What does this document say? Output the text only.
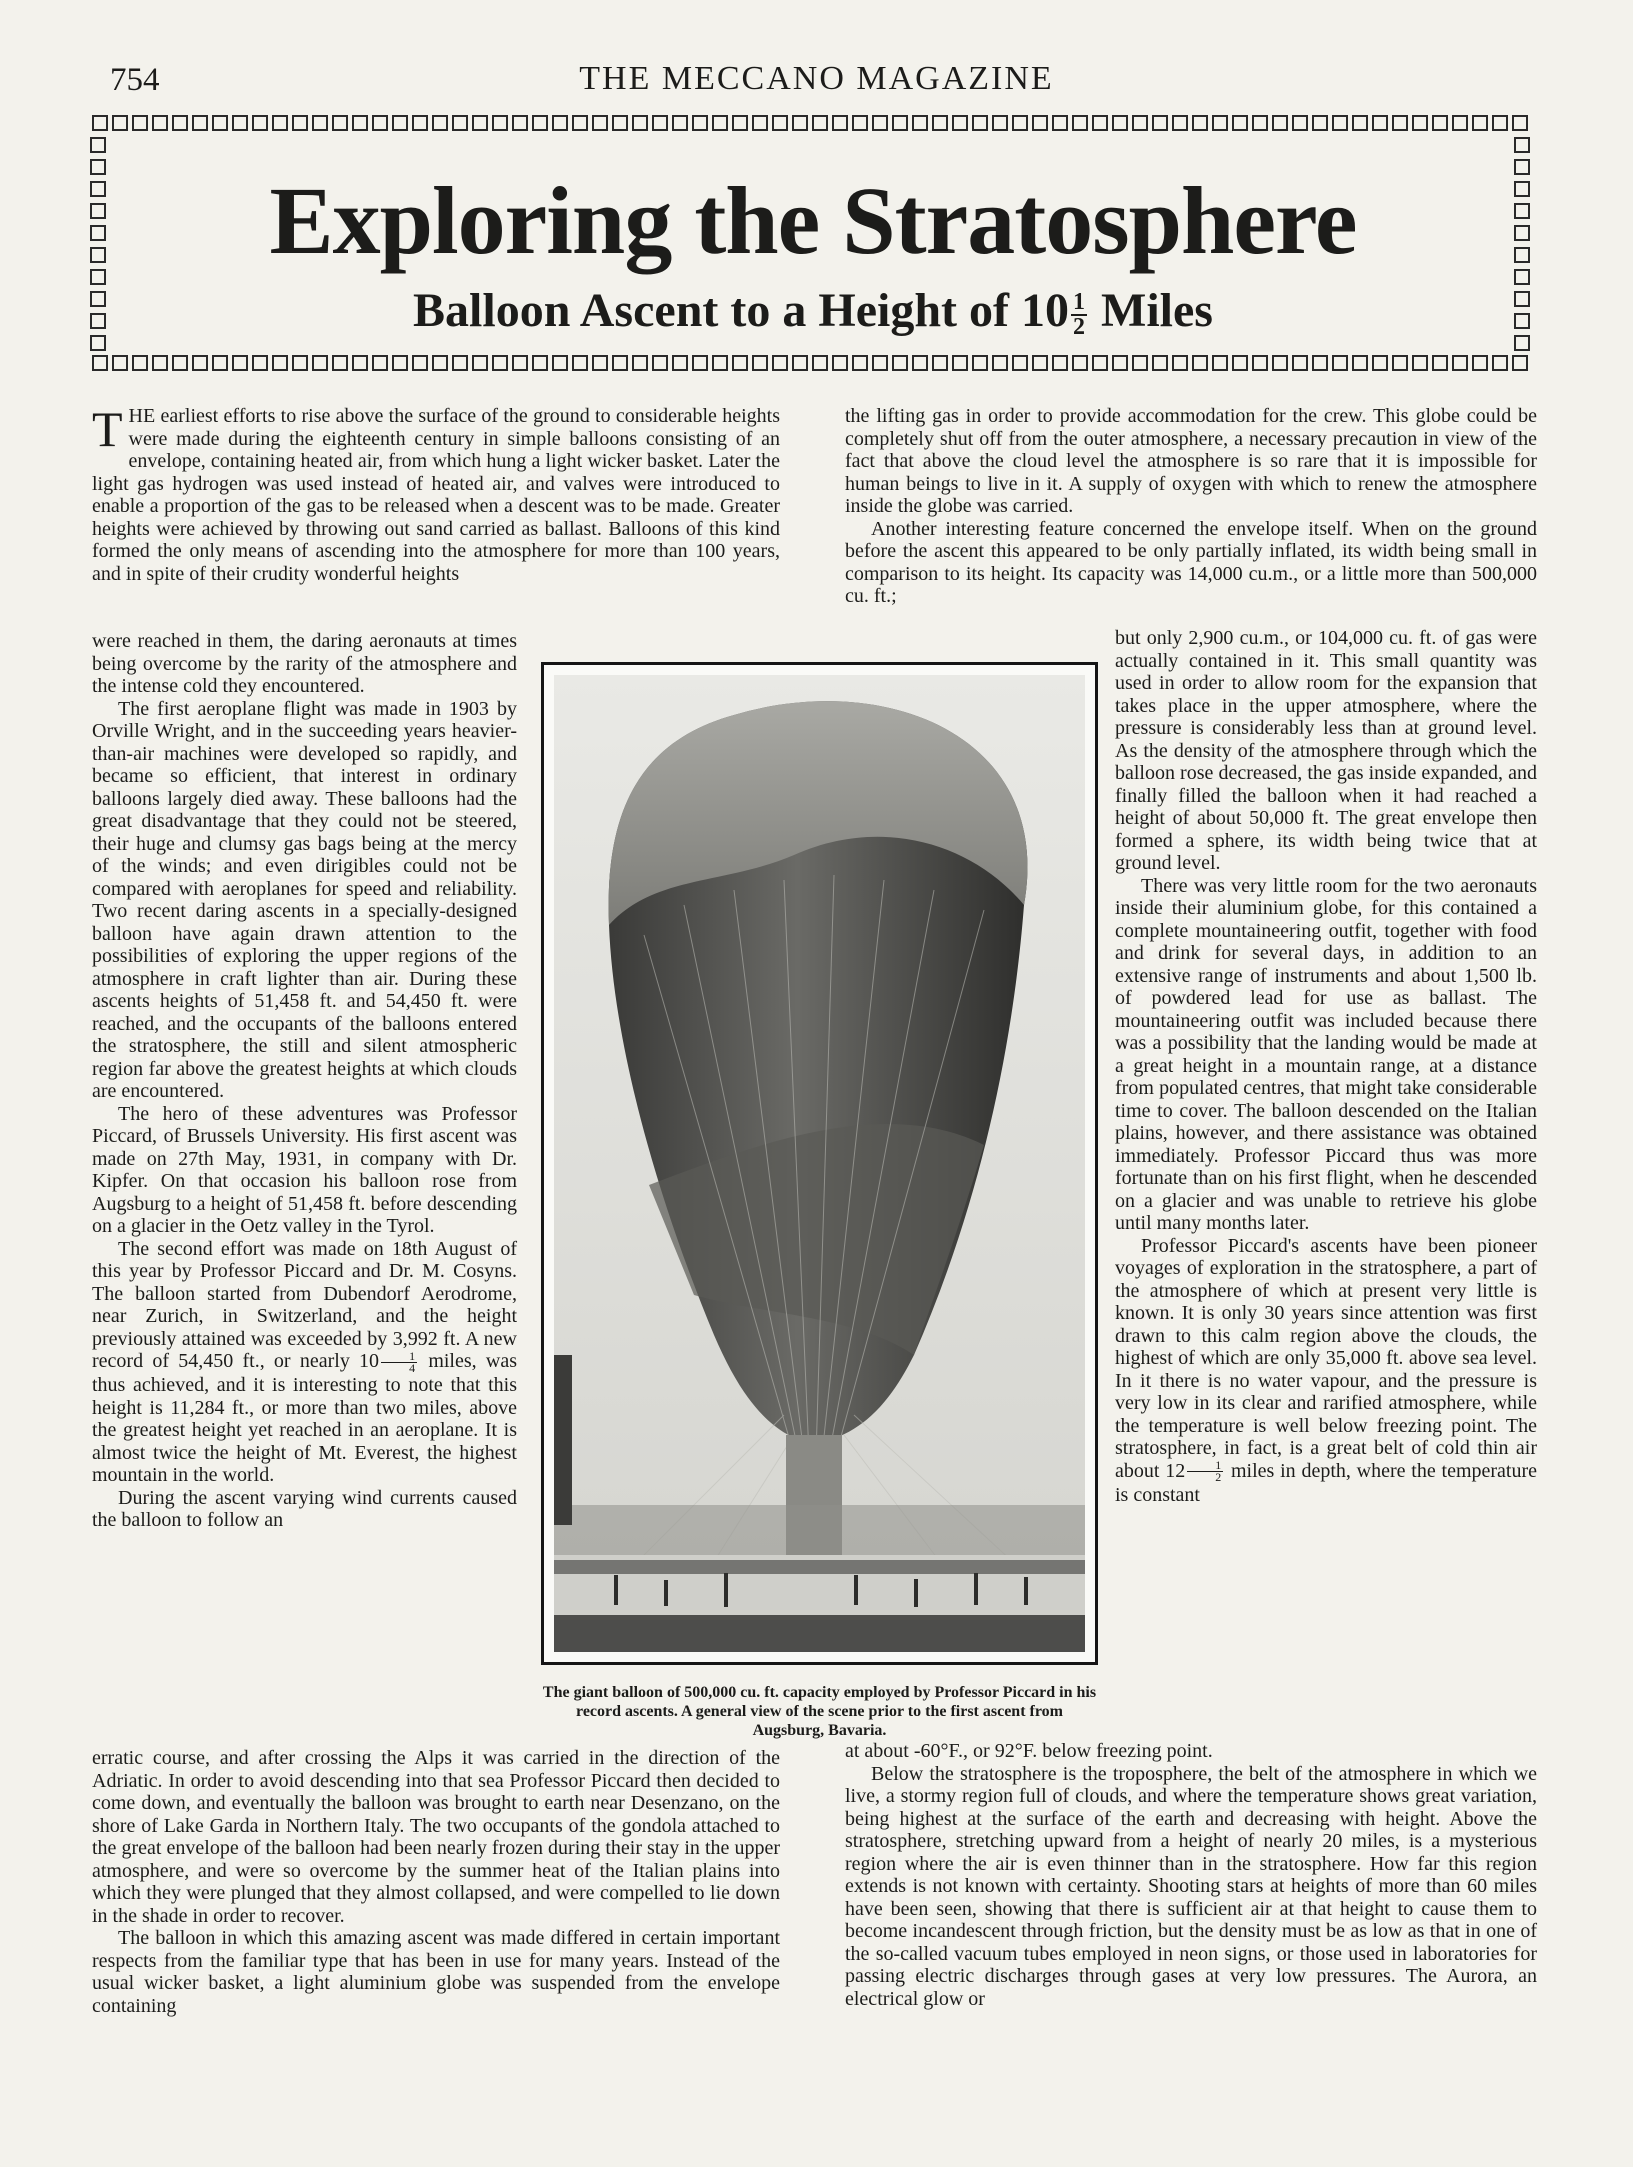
754	THE MECCANO MAGAZINE
Exploring the Stratosphere
Balloon Ascent to a Height of $10 \frac{1}{2}$ Miles

THE earliest efforts to rise above the surface of the ground to considerable heights were made during the eighteenth century in simple balloons consisting of an envelope, containing heated air, from which hung a light wicker basket. Later the light gas hydrogen was used instead of heated air, and valves were introduced to enable a proportion of the gas to be released when a descent was to be made. Greater heights were achieved by throwing out sand carried as ballast. Balloons of this kind formed the only means of ascending into the atmosphere for more than 100 years, and in spite of their crudity wonderful heights

were reached in them, the daring aeronauts at times being overcome by the rarity of the atmosphere and the intense cold they encountered.

The first aeroplane flight was made in 1903 by Orville Wright, and in the succeeding years heavier-than-air machines were developed so rapidly, and became so efficient, that interest in ordinary balloons largely died away. These balloons had the great disadvantage that they could not be steered, their huge and clumsy gas bags being at the mercy of the winds; and even dirigibles could not be compared with aeroplanes for speed and reliability. Two recent daring ascents in a specially-designed balloon have again drawn attention to the possibilities of exploring the upper regions of the atmosphere in craft lighter than air. During these ascents heights of 51,458 ft. and 54,450 ft. were reached, and the occupants of the balloons entered the stratosphere, the still and silent atmospheric region far above the greatest heights at which clouds are encountered.

The hero of these adventures was Professor Piccard, of Brussels University. His first ascent was made on 27th May, 1931, in company with Dr. Kipfer. On that occasion his balloon rose from Augsburg to a height of 51,458 ft. before descending on a glacier in the Oetz valley in the Tyrol.

The second effort was made on 18th August of this year by Professor Piccard and Dr. M. Cosyns. The balloon started from Dubendorf Aerodrome, near Zurich, in Switzerland, and the height previously attained was exceeded by 3,992 ft. A new record of 54,450 ft., or nearly $10 \frac{1}{4}$ miles, was thus achieved, and it is interesting to note that this height is 11,284 ft., or more than two miles, above the greatest height yet reached in an aeroplane. It is almost twice the height of Mt. Everest, the highest mountain in the world.

During the ascent varying wind currents caused the balloon to follow an

erratic course, and after crossing the Alps it was carried in the direction of the Adriatic. In order to avoid descending into that sea Professor Piccard then decided to come down, and eventually the balloon was brought to earth near Desenzano, on the shore of Lake Garda in Northern Italy. The two occupants of the gondola attached to the great envelope of the balloon had been nearly frozen during their stay in the upper atmosphere, and were so overcome by the summer heat of the Italian plains into which they were plunged that they almost collapsed, and were compelled to lie down in the shade in order to recover.

The balloon in which this amazing ascent was made differed in certain important respects from the familiar type that has been in use for many years. Instead of the usual wicker basket, a light aluminium globe was suspended from the envelope containing

the lifting gas in order to provide accommodation for the crew. This globe could be completely shut off from the outer atmosphere, a necessary precaution in view of the fact that above the cloud level the atmosphere is so rare that it is impossible for human beings to live in it. A supply of oxygen with which to renew the atmosphere inside the globe was carried.

Another interesting feature concerned the envelope itself. When on the ground before the ascent this appeared to be only partially inflated, its width being small in comparison to its height. Its capacity was 14,000 cu.m., or a little more than 500,000 cu. ft.;

but only 2,900 cu.m., or 104,000 cu. ft. of gas were actually contained in it. This small quantity was used in order to allow room for the expansion that takes place in the upper atmosphere, where the pressure is considerably less than at ground level. As the density of the atmosphere through which the balloon rose decreased, the gas inside expanded, and finally filled the balloon when it had reached a height of about 50,000 ft. The great envelope then formed a sphere, its width being twice that at ground level.

There was very little room for the two aeronauts inside their aluminium globe, for this contained a complete mountaineering outfit, together with food and drink for several days, in addition to an extensive range of instruments and about 1,500 lb. of powdered lead for use as ballast. The mountaineering outfit was included because there was a possibility that the landing would be made at a great height in a mountain range, at a distance from populated centres, that might take considerable time to cover. The balloon descended on the Italian plains, however, and there assistance was obtained immediately. Professor Piccard thus was more fortunate than on his first flight, when he descended on a glacier and was unable to retrieve his globe until many months later.

Professor Piccard's ascents have been pioneer voyages of exploration in the stratosphere, a part of the atmosphere of which at present very little is known. It is only 30 years since attention was first drawn to this calm region above the clouds, the highest of which are only 35,000 ft. above sea level. In it there is no water vapour, and the pressure is very low in its clear and rarified atmosphere, while the temperature is well below freezing point. The stratosphere, in fact, is a great belt of cold thin air about $12 \frac{1}{2}$ miles in depth, where the temperature is constant

at about -60°F., or 92°F. below freezing point.

Below the stratosphere is the troposphere, the belt of the atmosphere in which we live, a stormy region full of clouds, and where the temperature shows great variation, being highest at the surface of the earth and decreasing with height. Above the stratosphere, stretching upward from a height of nearly 20 miles, is a mysterious region where the air is even thinner than in the stratosphere. How far this region extends is not known with certainty. Shooting stars at heights of more than 60 miles have been seen, showing that there is sufficient air at that height to cause them to become incandescent through friction, but the density must be as low as that in one of the so-called vacuum tubes employed in neon signs, or those used in laboratories for passing electric discharges through gases at very low pressures. The Aurora, an electrical glow or

The giant balloon of 500,000 cu. ft. capacity employed by Professor Piccard in his record ascents. A general view of the scene prior to the first ascent from Augsburg, Bavaria.
